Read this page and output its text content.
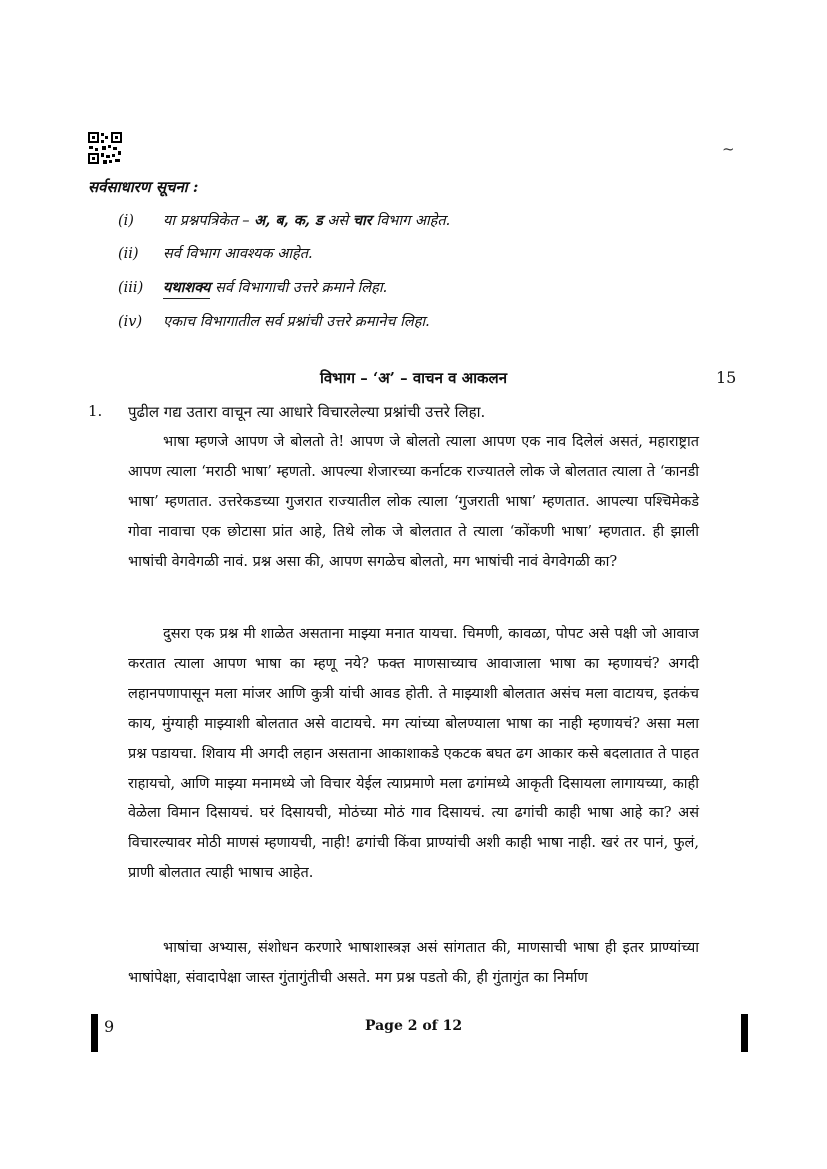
~
सर्वसाधारण सूचना :
(i) या प्रश्नपत्रिकेत – अ, ब, क, ड असे चार विभाग आहेत.
(ii) सर्व विभाग आवश्यक आहेत.
(iii) यथाशक्य सर्व विभागाची उत्तरे क्रमाने लिहा.
(iv) एकाच विभागातील सर्व प्रश्नांची उत्तरे क्रमानेच लिहा.
विभाग – ‘अ’ – वाचन व आकलन	15
1. पुढील गद्य उतारा वाचून त्या आधारे विचारलेल्या प्रश्नांची उत्तरे लिहा.

भाषा म्हणजे आपण जे बोलतो ते! आपण जे बोलतो त्याला आपण एक नाव दिलेलं असतं, महाराष्ट्रात आपण त्याला ‘मराठी भाषा’ म्हणतो. आपल्या शेजारच्या कर्नाटक राज्यातले लोक जे बोलतात त्याला ते ‘कानडी भाषा’ म्हणतात. उत्तरेकडच्या गुजरात राज्यातील लोक त्याला ‘गुजराती भाषा’ म्हणतात. आपल्या पश्चिमेकडे गोवा नावाचा एक छोटासा प्रांत आहे, तिथे लोक जे बोलतात ते त्याला ‘कोंकणी भाषा’ म्हणतात. ही झाली भाषांची वेगवेगळी नावं. प्रश्न असा की, आपण सगळेच बोलतो, मग भाषांची नावं वेगवेगळी का?

दुसरा एक प्रश्न मी शाळेत असताना माझ्या मनात यायचा. चिमणी, कावळा, पोपट असे पक्षी जो आवाज करतात त्याला आपण भाषा का म्हणू नये? फक्त माणसाच्याच आवाजाला भाषा का म्हणायचं? अगदी लहानपणापासून मला मांजर आणि कुत्री यांची आवड होती. ते माझ्याशी बोलतात असंच मला वाटायच, इतकंच काय, मुंग्याही माझ्याशी बोलतात असे वाटायचे. मग त्यांच्या बोलण्याला भाषा का नाही म्हणायचं? असा मला प्रश्न पडायचा. शिवाय मी अगदी लहान असताना आकाशाकडे एकटक बघत ढग आकार कसे बदलातात ते पाहत राहायचो, आणि माझ्या मनामध्ये जो विचार येईल त्याप्रमाणे मला ढगांमध्ये आकृती दिसायला लागायच्या, काही वेळेला विमान दिसायचं. घरं दिसायची, मोठंच्या मोठं गाव दिसायचं. त्या ढगांची काही भाषा आहे का? असं विचारल्यावर मोठी माणसं म्हणायची, नाही! ढगांची किंवा प्राण्यांची अशी काही भाषा नाही. खरं तर पानं, फुलं, प्राणी बोलतात त्याही भाषाच आहेत.

भाषांचा अभ्यास, संशोधन करणारे भाषाशास्त्रज्ञ असं सांगतात की, माणसाची भाषा ही इतर प्राण्यांच्या भाषांपेक्षा, संवादापेक्षा जास्त गुंतागुंतीची असते. मग प्रश्न पडतो की, ही गुंतागुंत का निर्माण

9	Page 2 of 12
